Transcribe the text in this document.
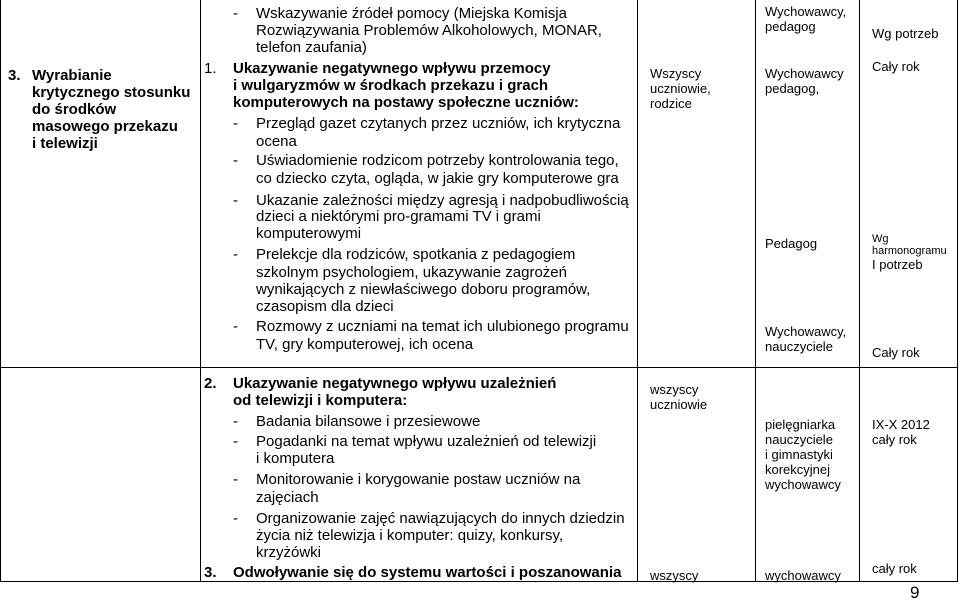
3. Wyrabianie
krytycznego stosunku
do środków
masowego przekazu
i telewizji
- Wskazywanie źródeł pomocy (Miejska Komisja
Rozwiązywania Problemów Alkoholowych, MONAR,
telefon zaufania)
Wychowawcy,
pedagog	Wg potrzeb
1. Ukazywanie negatywnego wpływu przemocy
i wulgaryzmów w środkach przekazu i grach
komputerowych na postawy społeczne uczniów:
- Przegląd gazet czytanych przez uczniów, ich krytyczna
ocena
- Uświadomienie rodzicom potrzeby kontrolowania tego,
co dziecko czyta, ogląda, w jakie gry komputerowe gra
- Ukazanie zależności między agresją i nadpobudliwością
dzieci a niektórymi pro-gramami TV i grami
komputerowymi
- Prelekcje dla rodziców, spotkania z pedagogiem
szkolnym psychologiem, ukazywanie zagrożeń
wynikających z niewłaściwego doboru programów,
czasopism dla dzieci
- Rozmowy z uczniami na temat ich ulubionego programu
TV, gry komputerowej, ich ocena
Wszyscy
uczniowie,
rodzice
Wychowawcy
pedagog,
Pedagog
Wychowawcy,
nauczyciele
Cały rok
Wg
harmonogramu
I potrzeb
Cały rok
2. Ukazywanie negatywnego wpływu uzależnień
od telewizji i komputera:
- Badania bilansowe i przesiewowe
- Pogadanki na temat wpływu uzależnień od telewizji
i komputera
- Monitorowanie i korygowanie postaw uczniów na
zajęciach
- Organizowanie zajęć nawiązujących do innych dziedzin
życia niż telewizja i komputer: quizy, konkursy,
krzyżówki
wszyscy
uczniowie
pielęgniarka
nauczyciele
i gimnastyki
korekcyjnej
wychowawcy
IX-X 2012
cały rok
3. Odwoływanie się do systemu wartości i poszanowania wszyscy	wychowawcy cały rok
9
